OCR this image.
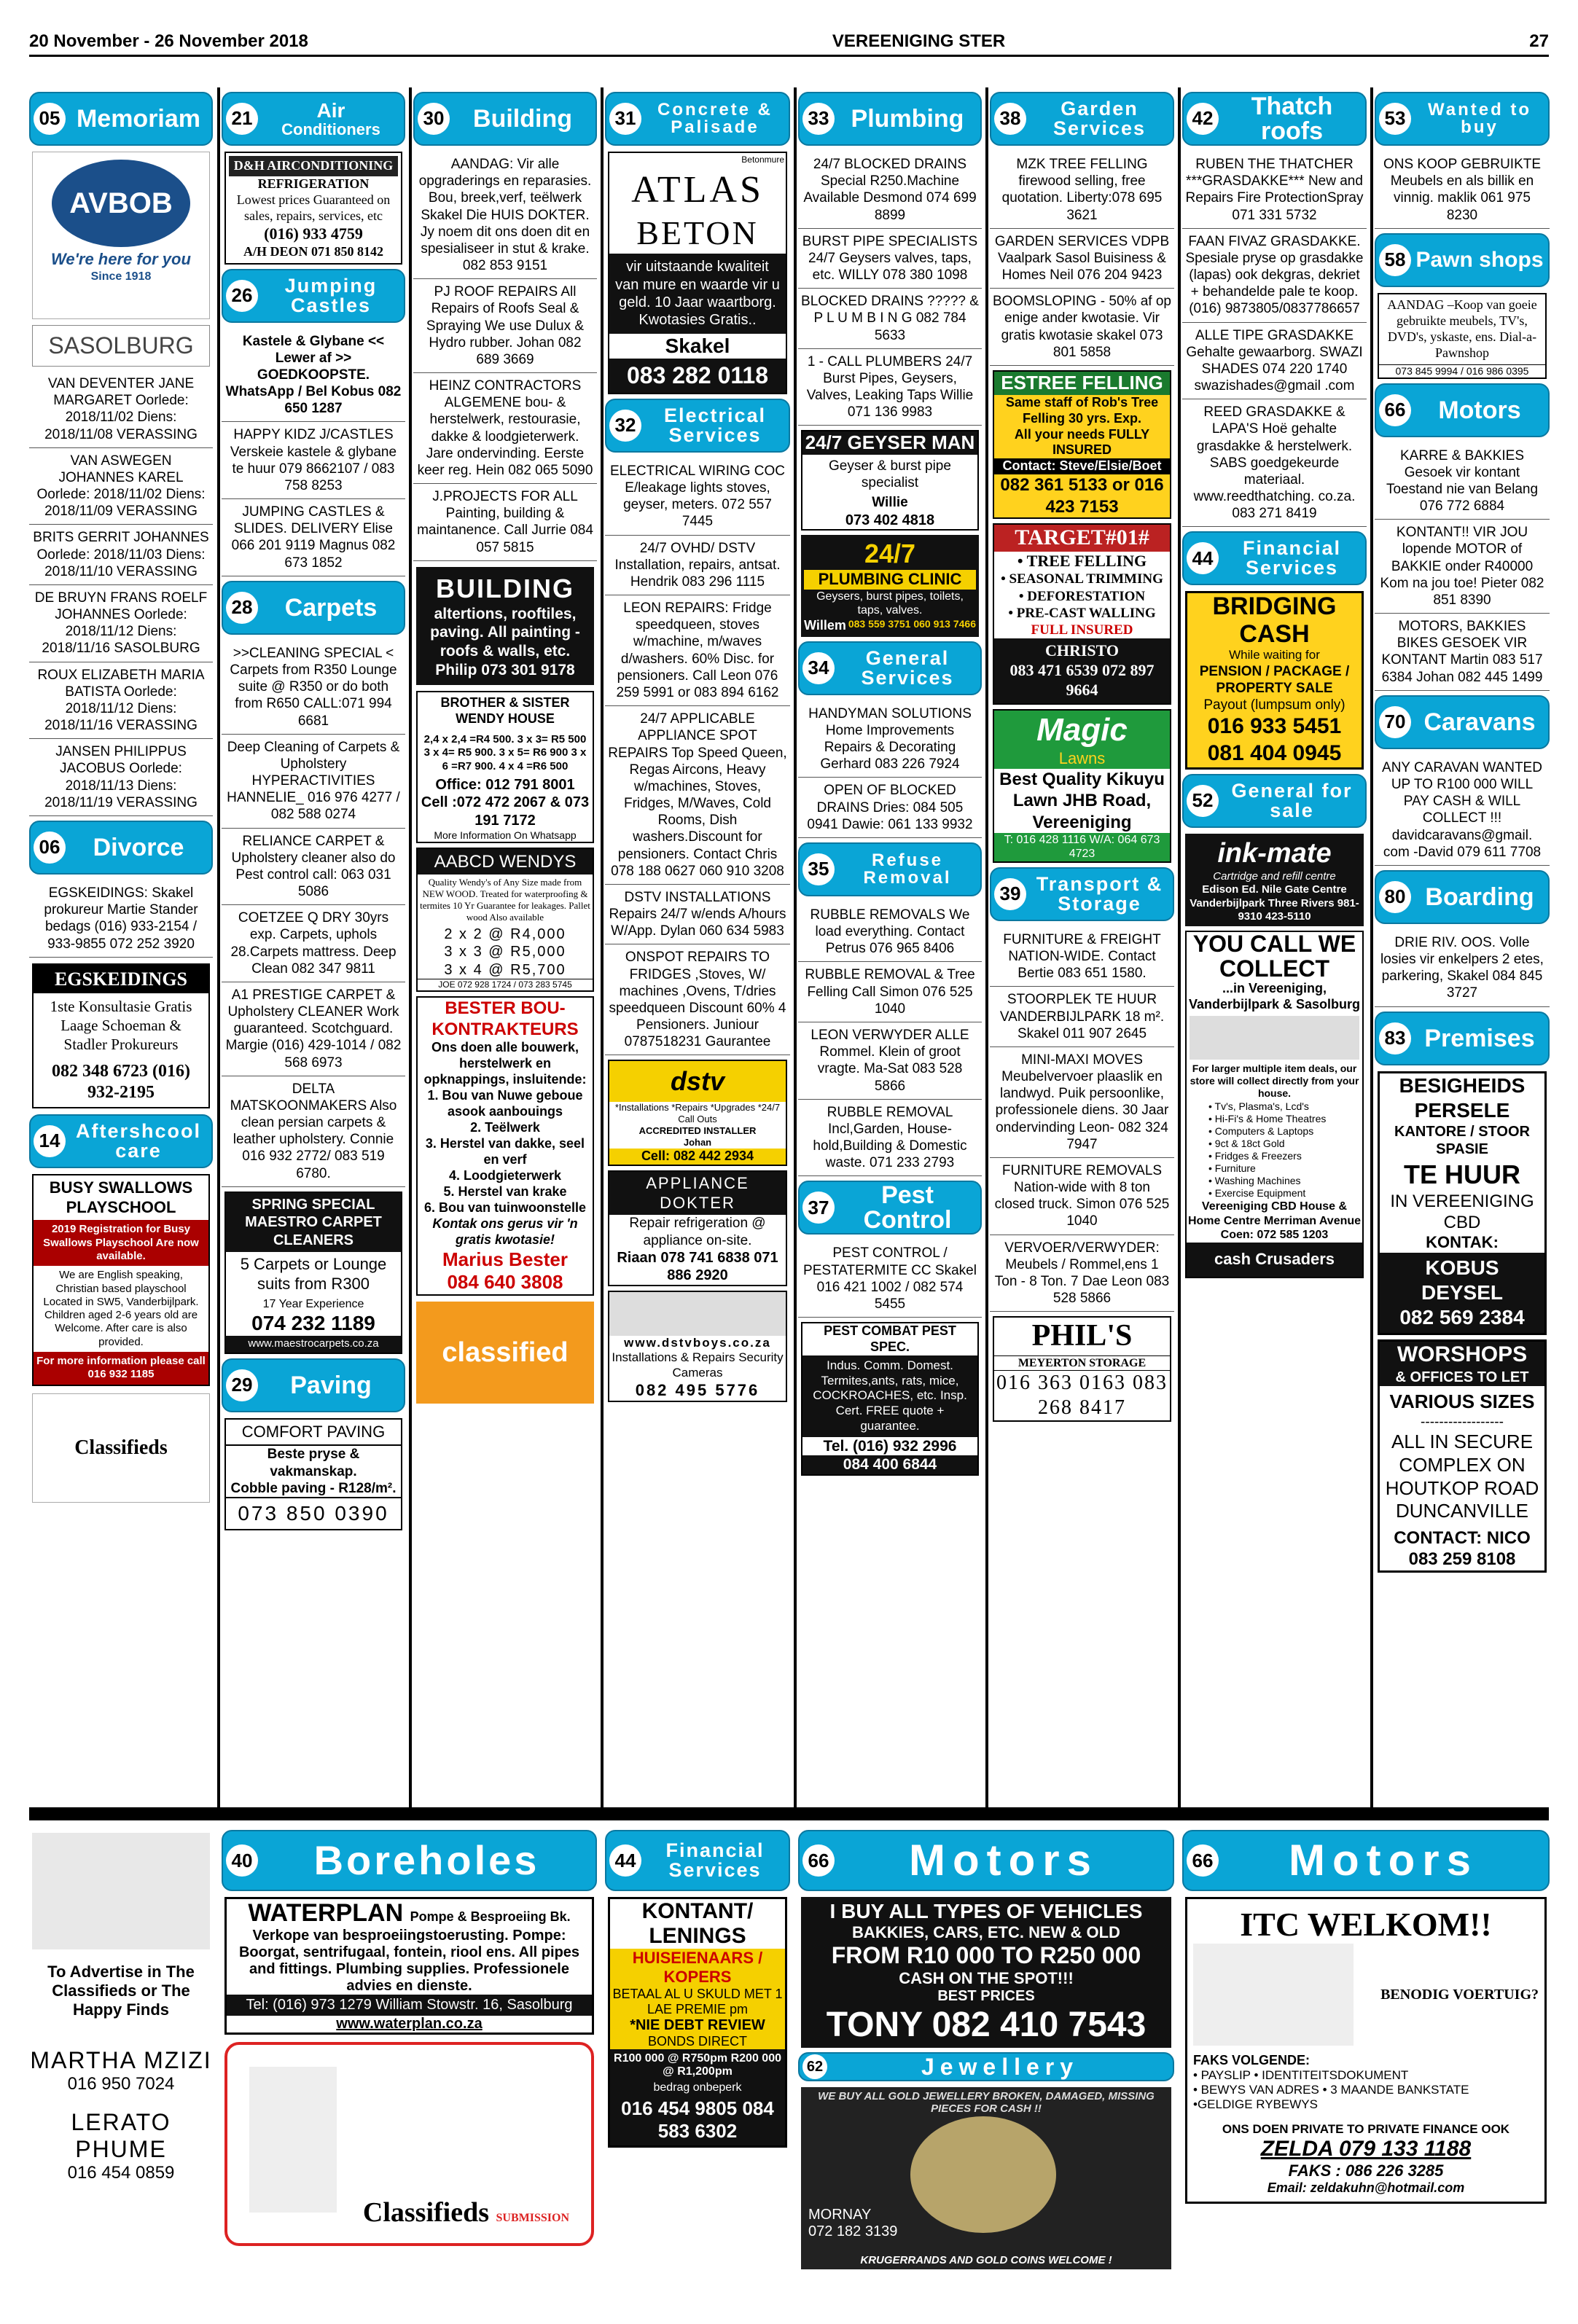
20 November - 26 November 2018	VEREENIGING STER	27
05 Memoriam
AVBOB
We're here for you
Since 1918
SASOLBURG
VAN DEVENTER JANE MARGARET Oorlede: 2018/11/02 Diens: 2018/11/08 VERASSING
VAN ASWEGEN JOHANNES KAREL Oorlede: 2018/11/02 Diens: 2018/11/09 VERASSING
BRITS GERRIT JOHANNES Oorlede: 2018/11/03 Diens: 2018/11/10 VERASSING
DE BRUYN FRANS ROELF JOHANNES Oorlede: 2018/11/12 Diens: 2018/11/16 SASOLBURG
ROUX ELIZABETH MARIA BATISTA Oorlede: 2018/11/12 Diens: 2018/11/16 VERASSING
JANSEN PHILIPPUS JACOBUS Oorlede: 2018/11/13 Diens: 2018/11/19 VERASSING
06	Divorce
EGSKEIDINGS: Skakel prokureur Martie Stander bedags (016) 933-2154 / 933-9855 072 252 3920
EGSKEIDINGS
1ste Konsultasie Gratis Laage Schoeman & Stadler Prokureurs
082 348 6723 (016) 932-2195
14 Aftershcool care
BUSY SWALLOWS PLAYSCHOOL
2019 Registration for Busy Swallows Playschool Are now available.
We are English speaking, Christian based playschool Located in SW5, Vanderbijlpark. Children aged 2-6 years old are Welcome. After care is also provided.
For more information please call 016 932 1185
Classifieds
21	Air
Conditioners
D&H AIRCONDITIONING
REFRIGERATION
Lowest prices Guaranteed on sales, repairs, services, etc
(016) 933 4759
A/H DEON 071 850 8142
26	Jumping Castles
Kastele & Glybane << Lewer af >> GOEDKOOPSTE. WhatsApp / Bel Kobus 082 650 1287
HAPPY KIDZ J/CASTLES Verskeie kastele & glybane te huur 079 8662107 / 083 758 8253
JUMPING CASTLES & SLIDES. DELIVERY Elise 066 201 9119 Magnus 082 673 1852
28	Carpets
>>CLEANING SPECIAL < Carpets from R350 Lounge suite @ R350 or do both from R650 CALL:071 994 6681
Deep Cleaning of Carpets & Upholstery HYPERACTIVITIES HANNELIE_ 016 976 4277 / 082 588 0274
RELIANCE CARPET & Upholstery cleaner also do Pest control call: 063 031 5086
COETZEE Q DRY 30yrs exp. Carpets, uphols 28.Carpets mattress. Deep Clean 082 347 9811
A1 PRESTIGE CARPET & Upholstery CLEANER Work guaranteed. Scotchguard. Margie (016) 429-1014 / 082 568 6973
DELTA MATSKOONMAKERS Also clean persian carpets & leather upholstery. Connie 016 932 2772/ 083 519 6780.
SPRING SPECIAL MAESTRO CARPET CLEANERS
5 Carpets or Lounge suits from R300
17 Year Experience
074 232 1189
www.maestrocarpets.co.za
29	Paving
COMFORT PAVING
Beste pryse & vakmanskap.
Cobble paving - R128/m².
073 850 0390
30	Building
AANDAG: Vir alle opgraderings en reparasies. Bou, breek,verf, teëlwerk Skakel Die HUIS DOKTER. Jy noem dit ons doen dit en spesialiseer in stut & krake. 082 853 9151
PJ ROOF REPAIRS All Repairs of Roofs Seal & Spraying We use Dulux & Hydro rubber. Johan 082 689 3669
HEINZ CONTRACTORS ALGEMENE bou- & herstelwerk, restourasie, dakke & loodgieterwerk. Jare ondervinding. Eerste keer reg. Hein 082 065 5090
J.PROJECTS FOR ALL Painting, building & maintanence. Call Jurrie 084 057 5815
BUILDING
altertions, rooftiles, paving. All painting - roofs & walls, etc.
Philip 073 301 9178
BROTHER & SISTER WENDY HOUSE
2,4 x 2,4 =R4 500. 3 x 3= R5 500 3 x 4= R5 900. 3 x 5= R6 900 3 x 6 =R7 900. 4 x 4 =R6 500
Office: 012 791 8001
Cell :072 472 2067 & 073 191 7172
More Information On Whatsapp
AABCD WENDYS
Quality Wendy's of Any Size made from NEW WOOD. Treated for waterproofing & termites 10 Yr Guarantee for leakages. Pallet wood Also available
2 x 2 @ R4,000
3 x 3 @ R5,000
3 x 4 @ R5,700
JOE 072 928 1724 / 073 283 5745
BESTER BOU-KONTRAKTEURS
Ons doen alle bouwerk, herstelwerk en opknappings, insluitende:
1. Bou van Nuwe geboue asook aanbouings
2. Teëlwerk
3. Herstel van dakke, seel en verf
4. Loodgieterwerk
5. Herstel van krake
6. Bou van tuinwoonstelle
Kontak ons gerus vir 'n gratis kwotasie!
Marius Bester
084 640 3808
classified
31	Concrete & Palisade
Betonmure
ATLAS
BETON
vir uitstaande kwaliteit van mure en waarde vir u geld. 10 Jaar waartborg. Kwotasies Gratis..
Skakel
083 282 0118
32	Electrical Services
ELECTRICAL WIRING COC E/leakage lights stoves, geyser, meters. 072 557 7445
24/7 OVHD/ DSTV Installation, repairs, antsat. Hendrik 083 296 1115
LEON REPAIRS: Fridge speedqueen, stoves w/machine, m/waves d/washers. 60% Disc. for pensioners. Call Leon 076 259 5991 or 083 894 6162
24/7 APPLICABLE APPLIANCE SPOT REPAIRS Top Speed Queen, Regas Aircons, Heavy w/machines, Stoves, Fridges, M/Waves, Cold Rooms, Dish washers.Discount for pensioners. Contact Chris 078 188 0627 060 910 3208
DSTV INSTALLATIONS Repairs 24/7 w/ends A/hours W/App. Dylan 060 634 5983
ONSPOT REPAIRS TO FRIDGES ,Stoves, W/ machines ,Ovens, T/dries speedqueen Discount 60% 4 Pensioners. Juniour 0787518231 Gaurantee
dstv
*Installations *Repairs *Upgrades *24/7 Call Outs
ACCREDITED INSTALLER
Johan
Cell: 082 442 2934
APPLIANCE DOKTER
Repair refrigeration @ appliance on-site.
Riaan 078 741 6838 071 886 2920
www.dstvboys.co.za
Installations & Repairs Security Cameras
082 495 5776
33 Plumbing
24/7 BLOCKED DRAINS Special R250.Machine Available Desmond 074 699 8899
BURST PIPE SPECIALISTS 24/7 Geysers valves, taps, etc. WILLY 078 380 1098
BLOCKED DRAINS ????? & P L U M B I N G 082 784 5633
1 - CALL PLUMBERS 24/7 Burst Pipes, Geysers, Valves, Leaking Taps Willie 071 136 9983
24/7 GEYSER MAN
Geyser & burst pipe specialist
Willie
073 402 4818
24/7
PLUMBING CLINIC
Geysers, burst pipes, toilets, taps, valves.
Willem 083 559 3751 060 913 7466
34	General Services
HANDYMAN SOLUTIONS Home Improvements Repairs & Decorating Gerhard 083 226 7924
OPEN OF BLOCKED DRAINS Dries: 084 505 0941 Dawie: 061 133 9932
35	Refuse Removal
RUBBLE REMOVALS We load everything. Contact Petrus 076 965 8406
RUBBLE REMOVAL & Tree Felling Call Simon 076 525 1040
LEON VERWYDER ALLE Rommel. Klein of groot vragte. Ma-Sat 083 528 5866
RUBBLE REMOVAL Incl,Garden, House-hold,Building & Domestic waste. 071 233 2793
37	Pest Control
PEST CONTROL / PESTATERMITE CC Skakel 016 421 1002 / 082 574 5455
PEST COMBAT PEST SPEC.
Indus. Comm. Domest. Termites,ants, rats, mice, COCKROACHES, etc. Insp. Cert. FREE quote + guarantee.
Tel. (016) 932 2996
084 400 6844
38	Garden Services
MZK TREE FELLING firewood selling, free quotation. Liberty:078 695 3621
GARDEN SERVICES VDPB Vaalpark Sasol Buisiness & Homes Neil 076 204 9423
BOOMSLOPING - 50% af op enige ander kwotasie. Vir gratis kwotasie skakel 073 801 5858
ESTREE FELLING
Same staff of Rob's Tree Felling 30 yrs. Exp.
All your needs FULLY INSURED
Contact: Steve/Elsie/Boet
082 361 5133 or 016 423 7153
TARGET#01#
• TREE FELLING
• SEASONAL TRIMMING
• DEFORESTATION
• PRE-CAST WALLING
FULL INSURED
CHRISTO
083 471 6539 072 897 9664
Magic
Lawns
Best Quality Kikuyu Lawn JHB Road, Vereeniging
T: 016 428 1116 W/A: 064 673 4723
39 Transport & Storage
FURNITURE & FREIGHT NATION-WIDE. Contact Bertie 083 651 1580.
STOORPLEK TE HUUR VANDERBIJLPARK 18 m². Skakel 011 907 2645
MINI-MAXI MOVES Meubelvervoer plaaslik en landwyd. Puik persoonlike, professionele diens. 30 Jaar ondervinding Leon- 082 324 7947
FURNITURE REMOVALS Nation-wide with 8 ton closed truck. Simon 076 525 1040
VERVOER/VERWYDER: Meubels / Rommel,ens 1 Ton - 8 Ton. 7 Dae Leon 083 528 5866
PHIL'S
MEYERTON STORAGE
016 363 0163 083 268 8417
42	Thatch roofs
RUBEN THE THATCHER ***GRASDAKKE*** New and Repairs Fire ProtectionSpray 071 331 5732
FAAN FIVAZ GRASDAKKE. Spesiale pryse op grasdakke (lapas) ook dekgras, dekriet + behandelde pale te koop. (016) 9873805/0837786657
ALLE TIPE GRASDAKKE Gehalte gewaarborg. SWAZI SHADES 074 220 1740 swazishades@gmail .com
REED GRASDAKKE & LAPA'S Hoë gehalte grasdakke & herstelwerk. SABS goedgekeurde materiaal. www.reedthatching. co.za. 083 271 8419
44	Financial Services
BRIDGING CASH
While waiting for
PENSION / PACKAGE / PROPERTY SALE
Payout (lumpsum only)
016 933 5451 081 404 0945
52 General for sale
ink-mate
Cartridge and refill centre
Edison Ed. Nile Gate Centre Vanderbijlpark Three Rivers 981-9310 423-5110
YOU CALL WE COLLECT
...in Vereeniging, Vanderbijlpark & Sasolburg
For larger multiple item deals, our store will collect directly from your house.
• Tv's, Plasma's, Lcd's
• Hi-Fi's & Home Theatres
• Computers & Laptops
• 9ct & 18ct Gold
• Fridges & Freezers
• Furniture
• Washing Machines
• Exercise Equipment
Vereeniging CBD House & Home Centre Merriman Avenue Coen: 072 585 1203
cash Crusaders
53	Wanted to buy
ONS KOOP GEBRUIKTE Meubels en als billik en vinnig. maklik 061 975 8230
58 Pawn shops
AANDAG –Koop van goeie gebruikte meubels, TV's, DVD's, yskaste, ens. Dial-a-Pawnshop
073 845 9994 / 016 986 0395
66	Motors
KARRE & BAKKIES Gesoek vir kontant Toestand nie van Belang 076 772 6884
KONTANT!! VIR JOU lopende MOTOR of BAKKIE onder R40000 Kom na jou toe! Pieter 082 851 8390
MOTORS, BAKKIES BIKES GESOEK VIR KONTANT Martin 083 517 6384 Johan 082 445 1499
70 Caravans
ANY CARAVAN WANTED UP TO R100 000 WILL PAY CASH & WILL COLLECT !!! davidcaravans@gmail. com -David 079 611 7708
80 Boarding
DRIE RIV. OOS. Volle losies vir enkelpers 2 etes, parkering, Skakel 084 845 3727
83 Premises
BESIGHEIDS PERSELE
KANTORE / STOOR SPASIE
TE HUUR
IN VEREENIGING CBD
KONTAK:
KOBUS DEYSEL
082 569 2384
WORSHOPS
& OFFICES TO LET
VARIOUS SIZES
------------------
ALL IN SECURE COMPLEX ON HOUTKOP ROAD DUNCANVILLE
CONTACT: NICO
083 259 8108
To Advertise in The Classifieds or The Happy Finds
MARTHA MZIZI
016 950 7024
LERATO PHUME
016 454 0859
40	Boreholes
WATERPLAN Pompe & Besproeiing Bk.
Verkope van besproeiingstoerusting. Pompe: Boorgat, sentrifugaal, fontein, riool ens. All pipes and fittings. Plumbing supplies. Professionele advies en dienste.
Tel: (016) 973 1279 William Stowstr. 16, Sasolburg
www.waterplan.co.za
Classifieds SUBMISSION
44	Financial Services
KONTANT/ LENINGS
HUISEIENAARS / KOPERS
BETAAL AL U SKULD MET 1 LAE PREMIE pm
*NIE DEBT REVIEW
BONDS DIRECT
R100 000 @ R750pm R200 000 @ R1,200pm
bedrag onbeperk
016 454 9805 084 583 6302
66	Motors
I BUY ALL TYPES OF VEHICLES
BAKKIES, CARS, ETC. NEW & OLD
FROM R10 000 TO R250 000
CASH ON THE SPOT!!!
BEST PRICES
TONY 082 410 7543
62	Jewellery
WE BUY ALL GOLD JEWELLERY BROKEN, DAMAGED, MISSING PIECES FOR CASH !!
MORNAY
072 182 3139
KRUGERRANDS AND GOLD COINS WELCOME !
66	Motors
ITC WELKOM!!
BENODIG VOERTUIG?
FAKS VOLGENDE:
• PAYSLIP • IDENTITEITSDOKUMENT
• BEWYS VAN ADRES • 3 MAANDE BANKSTATE
•GELDIGE RYBEWYS
ONS DOEN PRIVATE TO PRIVATE FINANCE OOK
ZELDA 079 133 1188
FAKS : 086 226 3285
Email: zeldakuhn@hotmail.com
